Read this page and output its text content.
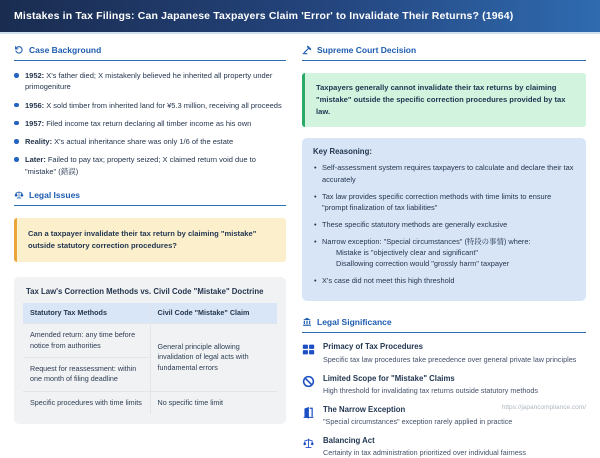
Mistakes in Tax Filings: Can Japanese Taxpayers Claim 'Error' to Invalidate Their Returns? (1964)
Case Background
1952: X's father died; X mistakenly believed he inherited all property under primogeniture
1956: X sold timber from inherited land for ¥5.3 million, receiving all proceeds
1957: Filed income tax return declaring all timber income as his own
Reality: X's actual inheritance share was only 1/6 of the estate
Later: Failed to pay tax; property seized; X claimed return void due to "mistake" (錯誤)
Legal Issues
Can a taxpayer invalidate their tax return by claiming "mistake" outside statutory correction procedures?
Tax Law's Correction Methods vs. Civil Code "Mistake" Doctrine
Statutory Tax Methods	Civil Code "Mistake" Claim
Amended return: any time before notice from authorities	General principle allowing invalidation of legal acts with fundamental errors
Request for reassessment: within one month of filing deadline	
Specific procedures with time limits	No specific time limit
Supreme Court Decision
Taxpayers generally cannot invalidate their tax returns by claiming "mistake" outside the specific correction procedures provided by tax law.
Key Reasoning:
• Self-assessment system requires taxpayers to calculate and declare their tax accurately
• Tax law provides specific correction methods with time limits to ensure "prompt finalization of tax liabilities"
• These specific statutory methods are generally exclusive
• Narrow exception: "Special circumstances" (特段の事情) where:
Mistake is "objectively clear and significant"
Disallowing correction would "grossly harm" taxpayer
• X's case did not meet this high threshold
Legal Significance
Primacy of Tax Procedures
Specific tax law procedures take precedence over general private law principles
Limited Scope for "Mistake" Claims
High threshold for invalidating tax returns outside statutory methods
The Narrow Exception
"Special circumstances" exception rarely applied in practice
Balancing Act
Certainty in tax administration prioritized over individual fairness
https://japancompliance.com/
